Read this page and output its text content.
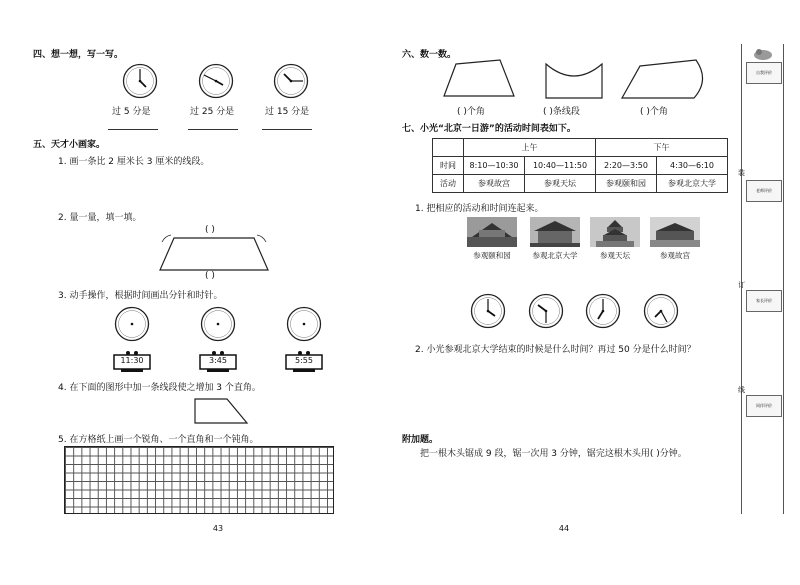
四、想一想，写一写。
过 5 分是	过 25 分是	过 15 分是
五、天才小画家。
1. 画一条比 2 厘米长 3 厘米的线段。
2. 量一量，填一填。
( )
( )
3. 动手操作，根据时间画出分针和时针。
11:30	3:45	5:55
4. 在下面的图形中加一条线段使之增加 3 个直角。
5. 在方格纸上画一个锐角、一个直角和一个钝角。
43
六、数一数。
( )个角	( )条线段	( )个角
七、小光“北京一日游”的活动时间表如下。
	上午		下午	
时间	8:10—10:30	10:40—11:50	2:20—3:50	4:30—6:10
活动	参观故宫	参观天坛	参观颐和园	参观北京大学
1. 把相应的活动和时间连起来。
参观颐和园	参观北京大学	参观天坛	参观故宫
2. 小光参观北京大学结束的时候是什么时间？再过 50 分是什么时间？
附加题。
把一根木头锯成 9 段，锯一次用 3 分钟，锯完这根木头用( )分钟。
44
自我评价
老师评价
家长评价
同伴评价
装
订
线
